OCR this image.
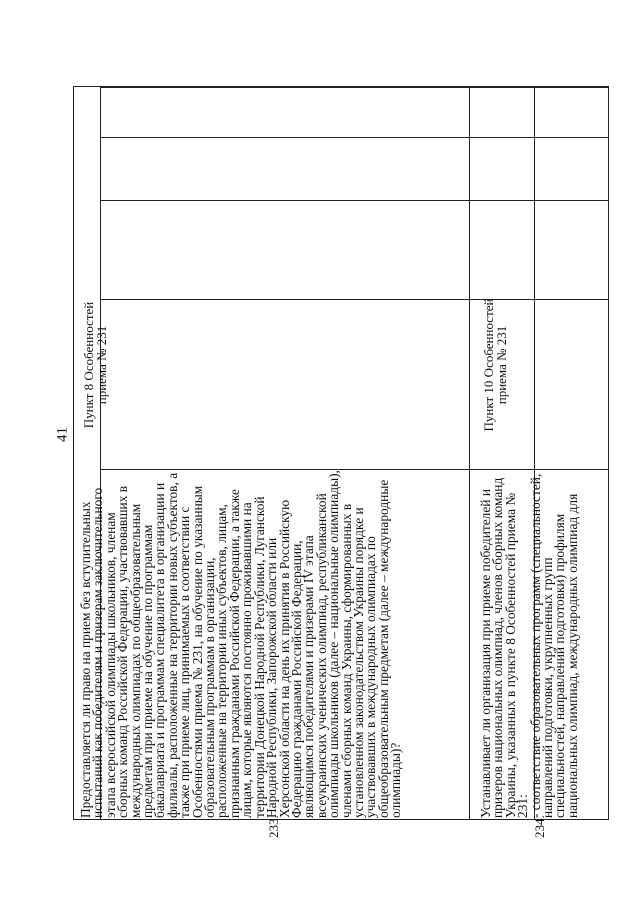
41
233.
Предоставляется ли право на прием без вступительных
испытаний как победителям и призерам заключительного
этапа всероссийской олимпиады школьников, членам
сборных команд Российской Федерации, участвовавших в
международных олимпиадах по общеобразовательным
предметам при приеме на обучение по программам
бакалавриата и программам специалитета в организации и
филиалы, расположенные на территории новых субъектов, а
также при приеме лиц, принимаемых в соответствии с
Особенностями приема № 231, на обучение по указанным
образовательным программам в организации,
расположенные на территории иных субъектов, лицам,
признанным гражданами Российской Федерации, а также
лицам, которые являются постоянно проживавшими на
территории Донецкой Народной Республики, Луганской
Народной Республики, Запорожской области или
Херсонской области на день их принятия в Российскую
Федерацию гражданами Российской Федерации,
являющимся победителями и призерами IV этапа
всеукраинских ученических олимпиад, республиканской
олимпиады школьников (далее – национальные олимпиады),
членами сборных команд Украины, сформированных в
установленном законодательством Украины порядке и
участвовавших в международных олимпиадах по
общеобразовательным предметам (далее – международные
олимпиады)?
Пункт 8 Особенностей
приема № 231
234.
Устанавливает ли организация при приеме победителей и
призеров национальных олимпиад, членов сборных команд
Украины, указанных в пункте 8 Особенностей приема №
231:
- соответствие образовательных программ (специальностей,
направлений подготовки, укрупненных групп
специальностей, направлений подготовки) профилям
национальных олимпиад, международных олимпиад для
Пункт 10 Особенностей
приема № 231
